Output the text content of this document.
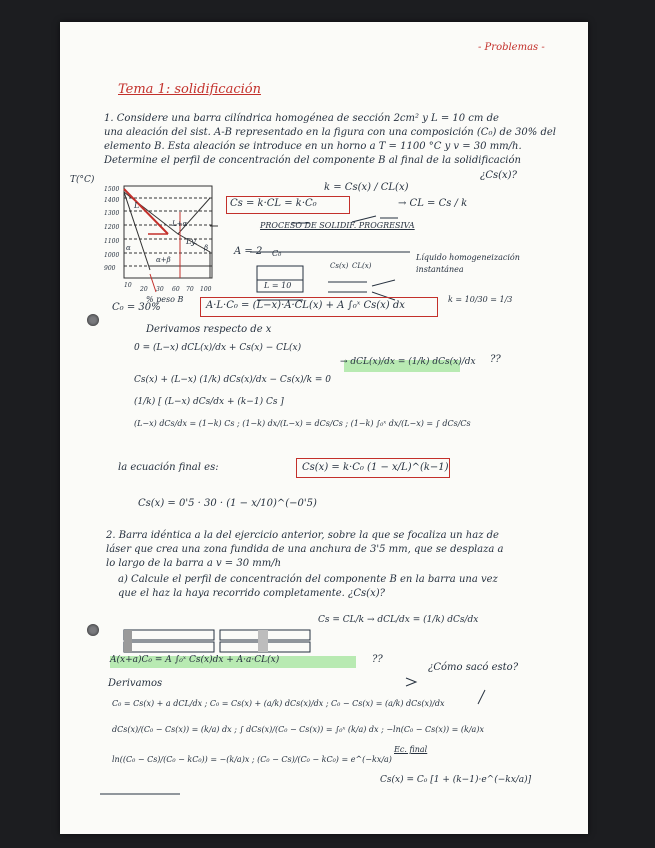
- Problemas -
Tema 1: solidificación
1. Considere una barra cilíndrica homogénea de sección 2cm² y L = 10 cm de
una aleación del sist. A-B representado en la figura con una composición (C₀) de 30% del
elemento B. Esta aleación se introduce en un horno a T = 1100 °C y v = 30 mm/h.
Determine el perfil de concentración del componente B al final de la solidificación
¿Cs(x)?
T(°C)
1500
1400
1300
1200
1100
1000
900
10
20 30 60 70 100
% peso B
L
L+α
α	β
α+β
Ly.
k = Cs(x) / CL(x)
→ CL = Cs / k
Cs = k·CL = k·C₀
PROCESO DE SOLIDIF. PROGRESIVA
A = 2 C₀
L = 10
Cs(x) CL(x)
Líquido homogeneización instantánea
k = 10/30 = 1/3
C₀ = 30%	A·L·C₀ = (L−x)·A·CL(x) + A ∫₀ˣ Cs(x) dx
Derivamos respecto de x
0 = (L−x) dCL(x)/dx + Cs(x) − CL(x)
→ dCL(x)/dx = (1/k) dCs(x)/dx ??
Cs(x) + (L−x) (1/k) dCs(x)/dx − Cs(x)/k = 0
(1/k) [ (L−x) dCs/dx + (k−1) Cs ]
(L−x) dCs/dx = (1−k) Cs ; (1−k) dx/(L−x) = dCs/Cs ; (1−k) ∫₀ˣ dx/(L−x) = ∫ dCs/Cs
la ecuación final es:	Cs(x) = k·C₀ (1 − x/L)^(k−1)
Cs(x) = 0'5 · 30 · (1 − x/10)^(−0'5)
2. Barra idéntica a la del ejercicio anterior, sobre la que se focaliza un haz de
láser que crea una zona fundida de una anchura de 3'5 mm, que se desplaza a
lo largo de la barra a v = 30 mm/h
a) Calcule el perfil de concentración del componente B en la barra una vez
que el haz la haya recorrido completamente. ¿Cs(x)?
Cs = CL/k → dCL/dx = (1/k) dCs/dx
A(x+a)C₀ = A ∫₀ˣ Cs(x)dx + A·a·CL(x)	??
¿Cómo sacó esto?
Derivamos
C₀ = Cs(x) + a dCL/dx ; C₀ = Cs(x) + (a/k) dCs(x)/dx ; C₀ − Cs(x) = (a/k) dCs(x)/dx
dCs(x)/(C₀ − Cs(x)) = (k/a) dx ; ∫ dCs(x)/(C₀ − Cs(x)) = ∫₀ˣ (k/a) dx ; −ln(C₀ − Cs(x)) = (k/a)x
ln((C₀ − Cs)/(C₀ − kC₀)) = −(k/a)x ; (C₀ − Cs)/(C₀ − kC₀) = e^(−kx/a)
Ec. final
Cs(x) = C₀ [1 + (k−1)·e^(−kx/a)]
